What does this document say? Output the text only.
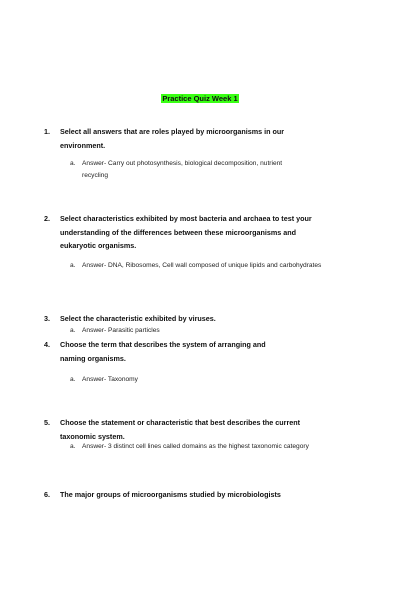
Practice Quiz Week 1
1.	Select all answers that are roles played by microorganisms in our environment.
a. Answer- Carry out photosynthesis, biological decomposition, nutrient recycling
2.	Select characteristics exhibited by most bacteria and archaea to test your understanding of the differences between these microorganisms and eukaryotic organisms.
a. Answer- DNA, Ribosomes, Cell wall composed of unique lipids and carbohydrates
3.	Select the characteristic exhibited by viruses.
a. Answer- Parasitic particles
4.	Choose the term that describes the system of arranging and naming organisms.
a. Answer- Taxonomy
5.	Choose the statement or characteristic that best describes the current taxonomic system.
a. Answer- 3 distinct cell lines called domains as the highest taxonomic category
6.	The major groups of microorganisms studied by microbiologists
